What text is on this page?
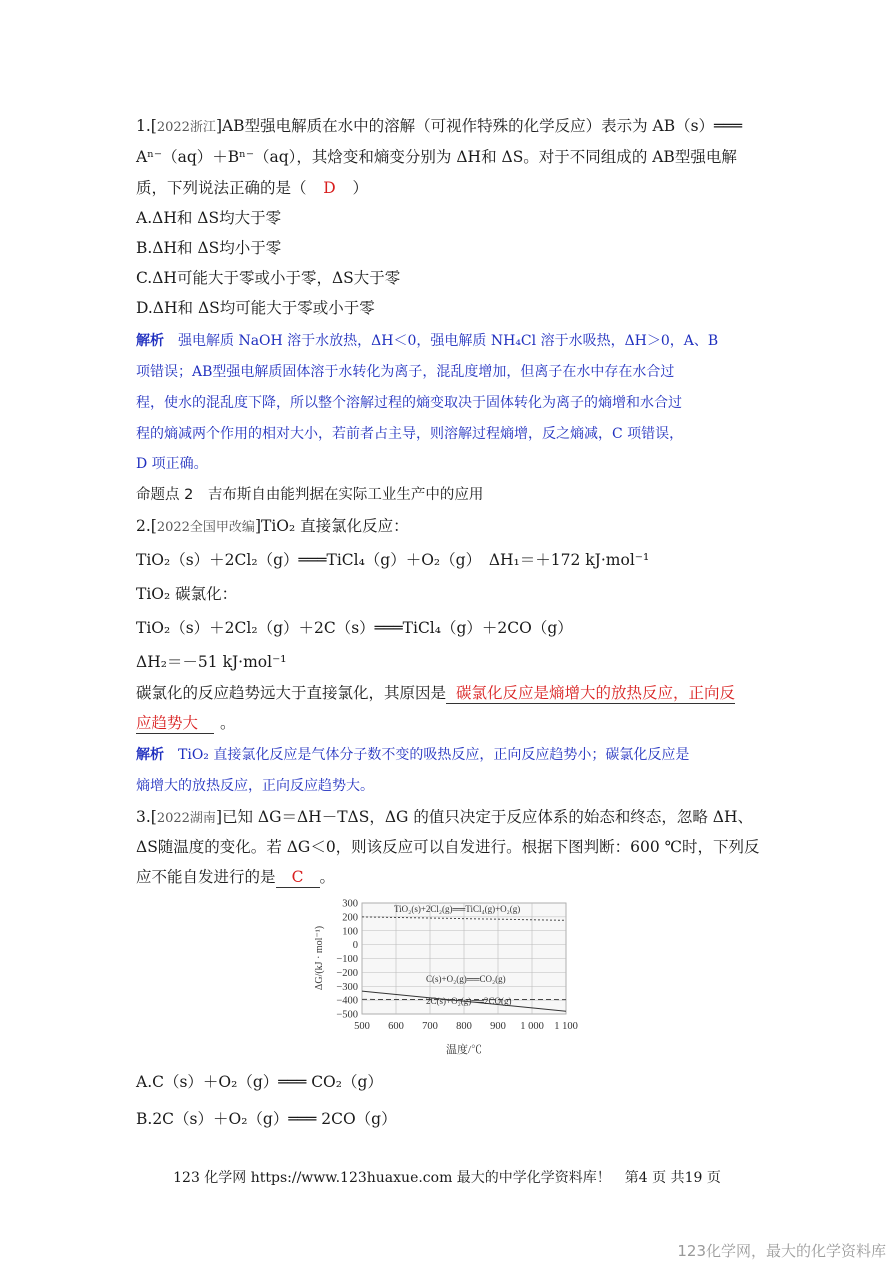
1.[2022浙江]AB型强电解质在水中的溶解（可视作特殊的化学反应）表示为 AB（s）═══
Aⁿ⁻（aq）＋Bⁿ⁻（aq），其焓变和熵变分别为 ΔH和 ΔS。对于不同组成的 AB型强电解
质，下列说法正确的是（ D ）
A.ΔH和 ΔS均大于零
B.ΔH和 ΔS均小于零
C.ΔH可能大于零或小于零，ΔS大于零
D.ΔH和 ΔS均可能大于零或小于零
解析　 强电解质 NaOH 溶于水放热，ΔH＜0，强电解质 NH₄Cl 溶于水吸热，ΔH＞0，A、B
项错误；AB型强电解质固体溶于水转化为离子，混乱度增加，但离子在水中存在水合过
程，使水的混乱度下降，所以整个溶解过程的熵变取决于固体转化为离子的熵增和水合过
程的熵减两个作用的相对大小，若前者占主导，则溶解过程熵增，反之熵减，C 项错误，
D 项正确。
命题点 2　吉布斯自由能判据在实际工业生产中的应用
2.[2022全国甲改编]TiO₂ 直接氯化反应：
TiO₂（s）＋2Cl₂（g）═══TiCl₄（g）＋O₂（g）　ΔH₁＝＋172 kJ·mol⁻¹
TiO₂ 碳氯化：
TiO₂（s）＋2Cl₂（g）＋2C（s）═══TiCl₄（g）＋2CO（g）
ΔH₂＝－51 kJ·mol⁻¹
碳氯化的反应趋势远大于直接氯化，其原因是 碳氯化反应是熵增大的放热反应，正向反
应趋势大 。
解析　 TiO₂ 直接氯化反应是气体分子数不变的吸热反应，正向反应趋势小；碳氯化反应是
熵增大的放热反应，正向反应趋势大。
3.[2022湖南]已知 ΔG＝ΔH－TΔS，ΔG 的值只决定于反应体系的始态和终态，忽略 ΔH、
ΔS随温度的变化。若 ΔG＜0，则该反应可以自发进行。根据下图判断：600 ℃时，下列反
应不能自发进行的是 C 。
300
200
100
0
−100
−200
−300
−400
−500
500 600 700 800 900 1 000 1 100
温度/℃
ΔG/(kJ · mol⁻¹)
TiO₂(s)+2Cl₂(g)══TiCl₄(g)+O₂(g)
C(s)+O₂(g)══CO₂(g)
2C(s)+O₂(g)══2CO(g)
A.C（s）＋O₂（g）═══ CO₂（g）
B.2C（s）＋O₂（g）═══ 2CO（g）
123 化学网 https://www.123huaxue.com 最大的中学化学资料库！　第4 页 共19 页
123化学网，最大的化学资料库
